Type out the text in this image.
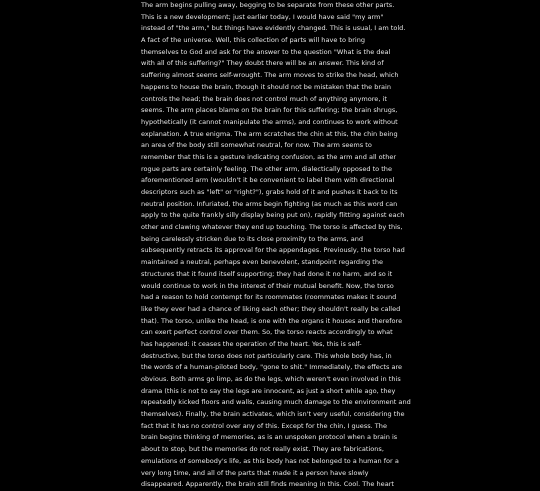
The arm begins pulling away, begging to be separate from these other parts.
This is a new development; just earlier today, I would have said "my arm"
instead of "the arm," but things have evidently changed. This is usual, I am told.
A fact of the universe. Well, this collection of parts will have to bring
themselves to God and ask for the answer to the question "What is the deal
with all of this suffering?" They doubt there will be an answer. This kind of
suffering almost seems self-wrought. The arm moves to strike the head, which
happens to house the brain, though it should not be mistaken that the brain
controls the head; the brain does not control much of anything anymore, it
seems. The arm places blame on the brain for this suffering; the brain shrugs,
hypothetically (it cannot manipulate the arms), and continues to work without
explanation. A true enigma. The arm scratches the chin at this, the chin being
an area of the body still somewhat neutral, for now. The arm seems to
remember that this is a gesture indicating confusion, as the arm and all other
rogue parts are certainly feeling. The other arm, dialectically opposed to the
aforementioned arm (wouldn't it be convenient to label them with directional
descriptors such as "left" or "right?"), grabs hold of it and pushes it back to its
neutral position. Infuriated, the arms begin fighting (as much as this word can
apply to the quite frankly silly display being put on), rapidly flitting against each
other and clawing whatever they end up touching. The torso is affected by this,
being carelessly stricken due to its close proximity to the arms, and
subsequently retracts its approval for the appendages. Previously, the torso had
maintained a neutral, perhaps even benevolent, standpoint regarding the
structures that it found itself supporting; they had done it no harm, and so it
would continue to work in the interest of their mutual benefit. Now, the torso
had a reason to hold contempt for its roommates (roommates makes it sound
like they ever had a chance of liking each other; they shouldn't really be called
that). The torso, unlike the head, is one with the organs it houses and therefore
can exert perfect control over them. So, the torso reacts accordingly to what
has happened: it ceases the operation of the heart. Yes, this is self-
destructive, but the torso does not particularly care. This whole body has, in
the words of a human-piloted body, "gone to shit." Immediately, the effects are
obvious. Both arms go limp, as do the legs, which weren't even involved in this
drama (this is not to say the legs are innocent, as just a short while ago, they
repeatedly kicked floors and walls, causing much damage to the environment and
themselves). Finally, the brain activates, which isn't very useful, considering the
fact that it has no control over any of this. Except for the chin, I guess. The
brain begins thinking of memories, as is an unspoken protocol when a brain is
about to stop, but the memories do not really exist. They are fabrications,
emulations of somebody's life, as this body has not belonged to a human for a
very long time, and all of the parts that made it a person have slowly
disappeared. Apparently, the brain still finds meaning in this. Cool. The heart
